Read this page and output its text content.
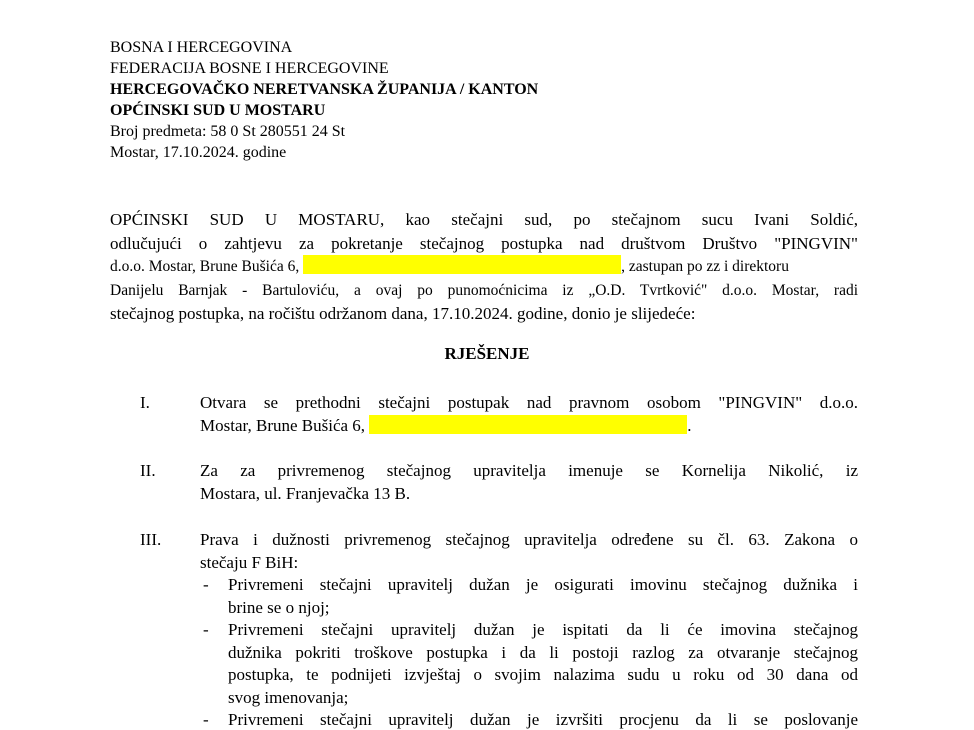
BOSNA I HERCEGOVINA
FEDERACIJA BOSNE I HERCEGOVINE
HERCEGOVAČKO NERETVANSKA ŽUPANIJA / KANTON
OPĆINSKI SUD U MOSTARU
Broj predmeta: 58 0 St 280551 24 St
Mostar, 17.10.2024. godine
OPĆINSKI SUD U MOSTARU, kao stečajni sud, po stečajnom sucu Ivani Soldić,
odlučujući o zahtjevu za pokretanje stečajnog postupka nad društvom Društvo "PINGVIN"
d.o.o. Mostar, Brune Bušića 6,	, zastupan po zz i direktoru
Danijelu Barnjak - Bartuloviću, a ovaj po punomoćnicima iz „O.D. Tvrtković" d.o.o. Mostar, radi
stečajnog postupka, na ročištu održanom dana, 17.10.2024. godine, donio je slijedeće:
RJEŠENJE
I.	Otvara se prethodni stečajni postupak nad pravnom osobom "PINGVIN" d.o.o.
Mostar, Brune Bušića 6,	.
II.	Za za privremenog stečajnog upravitelja imenuje se Kornelija Nikolić, iz
Mostara, ul. Franjevačka 13 B.
III. Prava i dužnosti privremenog stečajnog upravitelja određene su čl. 63. Zakona o
stečaju F BiH:
- Privremeni stečajni upravitelj dužan je osigurati imovinu stečajnog dužnika i
brine se o njoj;
- Privremeni stečajni upravitelj dužan je ispitati da li će imovina stečajnog
dužnika pokriti troškove postupka i da li postoji razlog za otvaranje stečajnog
postupka, te podnijeti izvještaj o svojim nalazima sudu u roku od 30 dana od
svog imenovanja;
- Privremeni stečajni upravitelj dužan je izvršiti procjenu da li se poslovanje
